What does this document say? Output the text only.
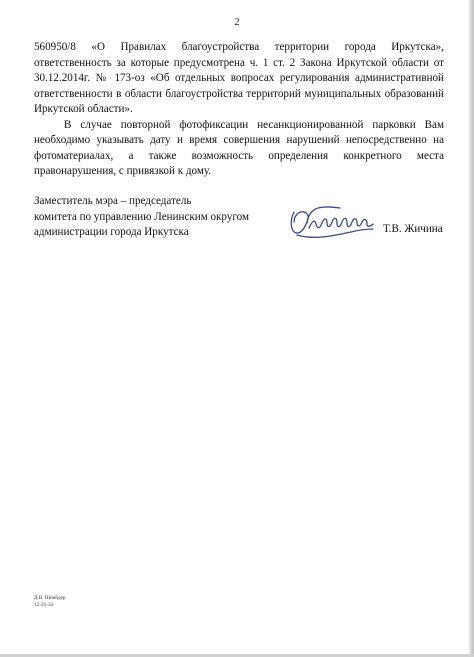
2

560950/8 «О Правилах благоустройства территории города Иркутска», ответственность за которые предусмотрена ч. 1 ст. 2 Закона Иркутской области от 30.12.2014г. № 173-оз «Об отдельных вопросах регулирования административной ответственности в области благоустройства территорий муниципальных образований Иркутской области».

В случае повторной фотофиксации несанкционированной парковки Вам необходимо указывать дату и время совершения нарушений непосредственно на фотоматериалах, а также возможность определения конкретного места правонарушения, с привязкой к дому.

Заместитель мэра – председатель
комитета по управлению Ленинским округом
администрации города Иркутска	Т.В. Жичина
Д.В. Шнейдер
12-35-34
